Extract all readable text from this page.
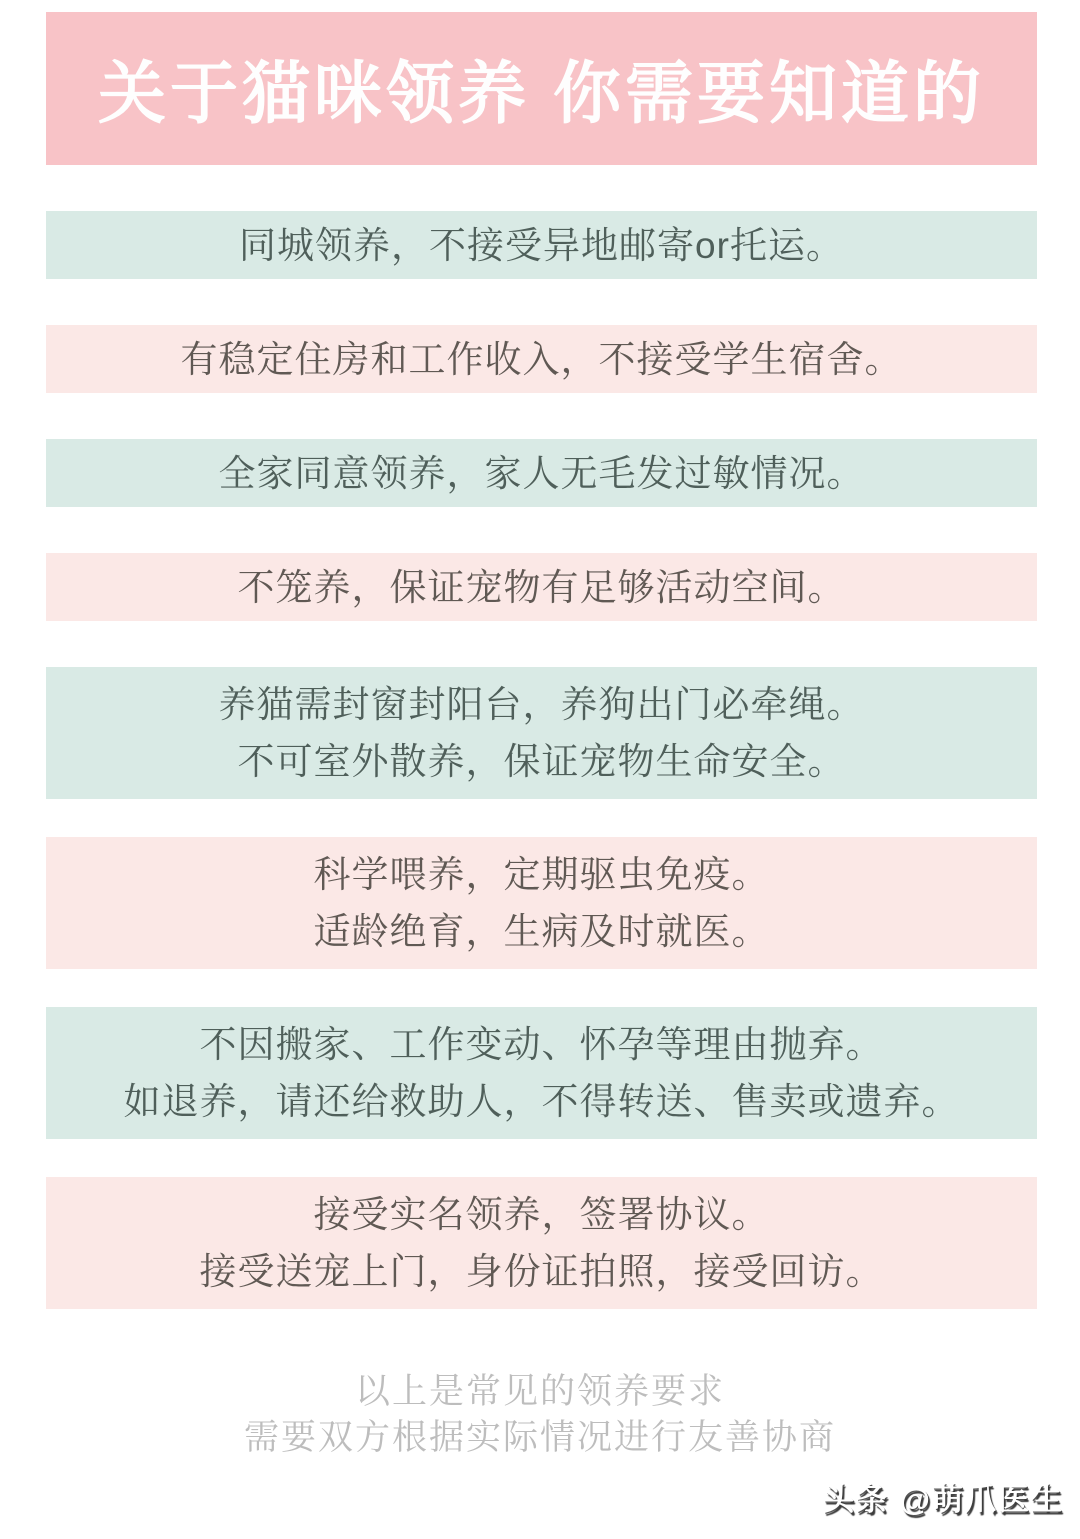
关于猫咪领养 你需要知道的
同城领养，不接受异地邮寄or托运。
有稳定住房和工作收入，不接受学生宿舍。
全家同意领养，家人无毛发过敏情况。
不笼养，保证宠物有足够活动空间。
养猫需封窗封阳台，养狗出门必牵绳。
不可室外散养，保证宠物生命安全。
科学喂养，定期驱虫免疫。
适龄绝育，生病及时就医。
不因搬家、工作变动、怀孕等理由抛弃。
如退养，请还给救助人，不得转送、售卖或遗弃。
接受实名领养，签署协议。
接受送宠上门，身份证拍照，接受回访。
以上是常见的领养要求
需要双方根据实际情况进行友善协商
头条 @萌爪医生
